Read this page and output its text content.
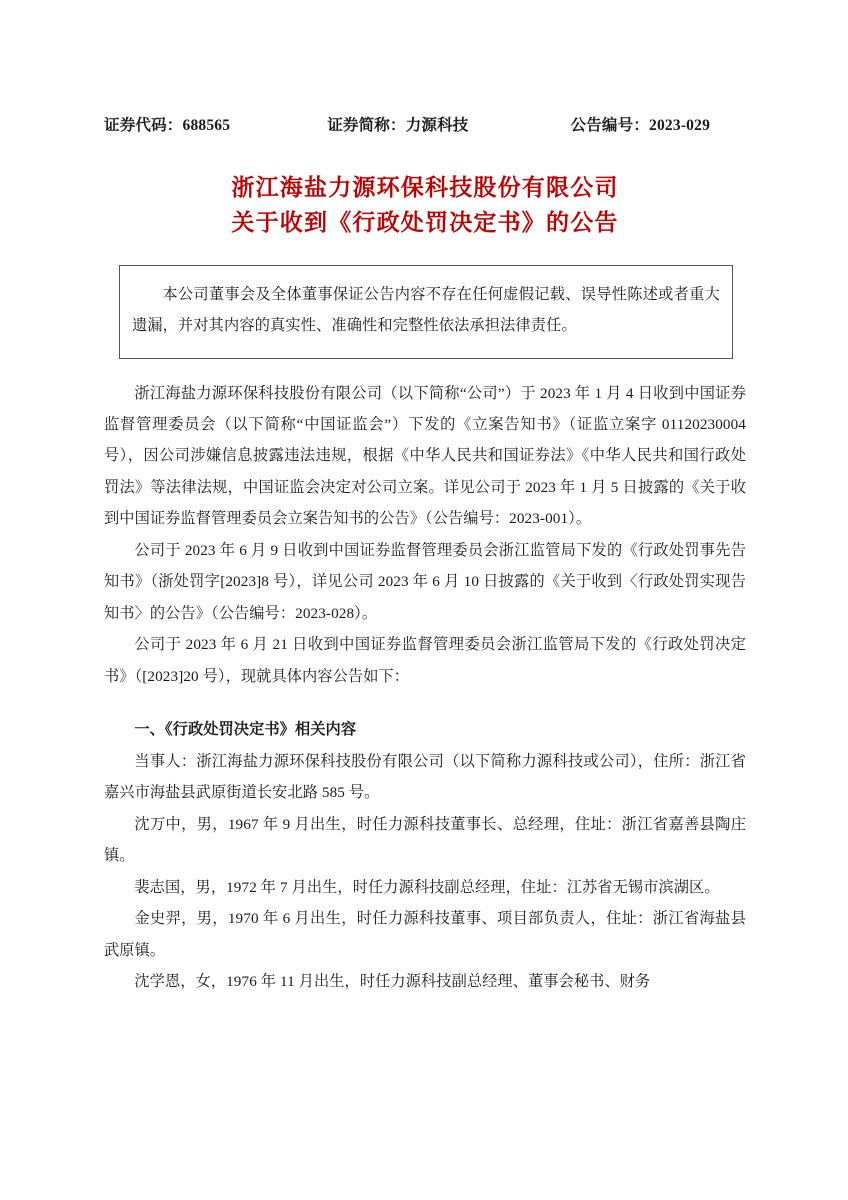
证券代码：688565	证券简称：力源科技	公告编号：2023-029
浙江海盐力源环保科技股份有限公司
关于收到《行政处罚决定书》的公告

本公司董事会及全体董事保证公告内容不存在任何虚假记载、误导性陈述或者重大遗漏，并对其内容的真实性、准确性和完整性依法承担法律责任。

浙江海盐力源环保科技股份有限公司（以下简称“公司”）于 2023 年 1 月 4 日收到中国证券监督管理委员会（以下简称“中国证监会”）下发的《立案告知书》（证监立案字 01120230004 号），因公司涉嫌信息披露违法违规，根据《中华人民共和国证券法》《中华人民共和国行政处罚法》等法律法规，中国证监会决定对公司立案。详见公司于 2023 年 1 月 5 日披露的《关于收到中国证券监督管理委员会立案告知书的公告》（公告编号：2023-001）。

公司于 2023 年 6 月 9 日收到中国证券监督管理委员会浙江监管局下发的《行政处罚事先告知书》（浙处罚字[2023]8 号），详见公司 2023 年 6 月 10 日披露的《关于收到〈行政处罚实现告知书〉的公告》（公告编号：2023-028）。

公司于 2023 年 6 月 21 日收到中国证券监督管理委员会浙江监管局下发的《行政处罚决定书》（[2023]20 号），现就具体内容公告如下：

一、《行政处罚决定书》相关内容

当事人：浙江海盐力源环保科技股份有限公司（以下简称力源科技或公司），住所：浙江省嘉兴市海盐县武原街道长安北路 585 号。

沈万中，男，1967 年 9 月出生，时任力源科技董事长、总经理，住址：浙江省嘉善县陶庄镇。

裴志国，男，1972 年 7 月出生，时任力源科技副总经理，住址：江苏省无锡市滨湖区。

金史羿，男，1970 年 6 月出生，时任力源科技董事、项目部负责人，住址：浙江省海盐县武原镇。

沈学恩，女，1976 年 11 月出生，时任力源科技副总经理、董事会秘书、财务
